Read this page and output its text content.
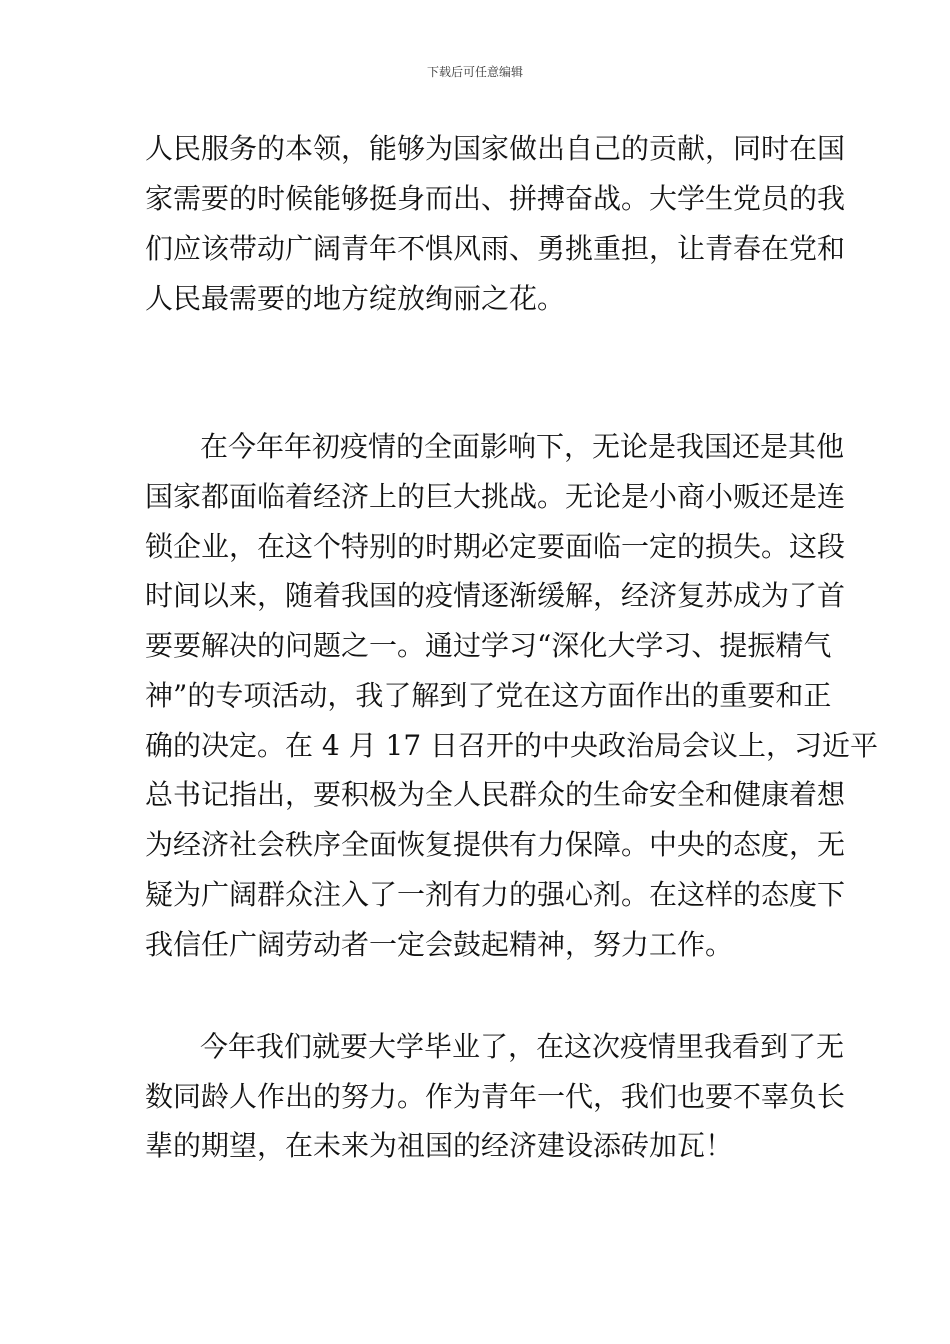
下载后可任意编辑
人民服务的本领，能够为国家做出自己的贡献，同时在国
家需要的时候能够挺身而出、拼搏奋战。大学生党员的我
们应该带动广阔青年不惧风雨、勇挑重担，让青春在党和
人民最需要的地方绽放绚丽之花。
在今年年初疫情的全面影响下，无论是我国还是其他
国家都面临着经济上的巨大挑战。无论是小商小贩还是连
锁企业，在这个特别的时期必定要面临一定的损失。这段
时间以来，随着我国的疫情逐渐缓解，经济复苏成为了首
要要解决的问题之一。通过学习“深化大学习、提振精气
神”的专项活动，我了解到了党在这方面作出的重要和正
确的决定。在 4 月 17 日召开的中央政治局会议上，习近平
总书记指出，要积极为全人民群众的生命安全和健康着想
为经济社会秩序全面恢复提供有力保障。中央的态度，无
疑为广阔群众注入了一剂有力的强心剂。在这样的态度下
我信任广阔劳动者一定会鼓起精神，努力工作。
今年我们就要大学毕业了，在这次疫情里我看到了无
数同龄人作出的努力。作为青年一代，我们也要不辜负长
辈的期望，在未来为祖国的经济建设添砖加瓦！
